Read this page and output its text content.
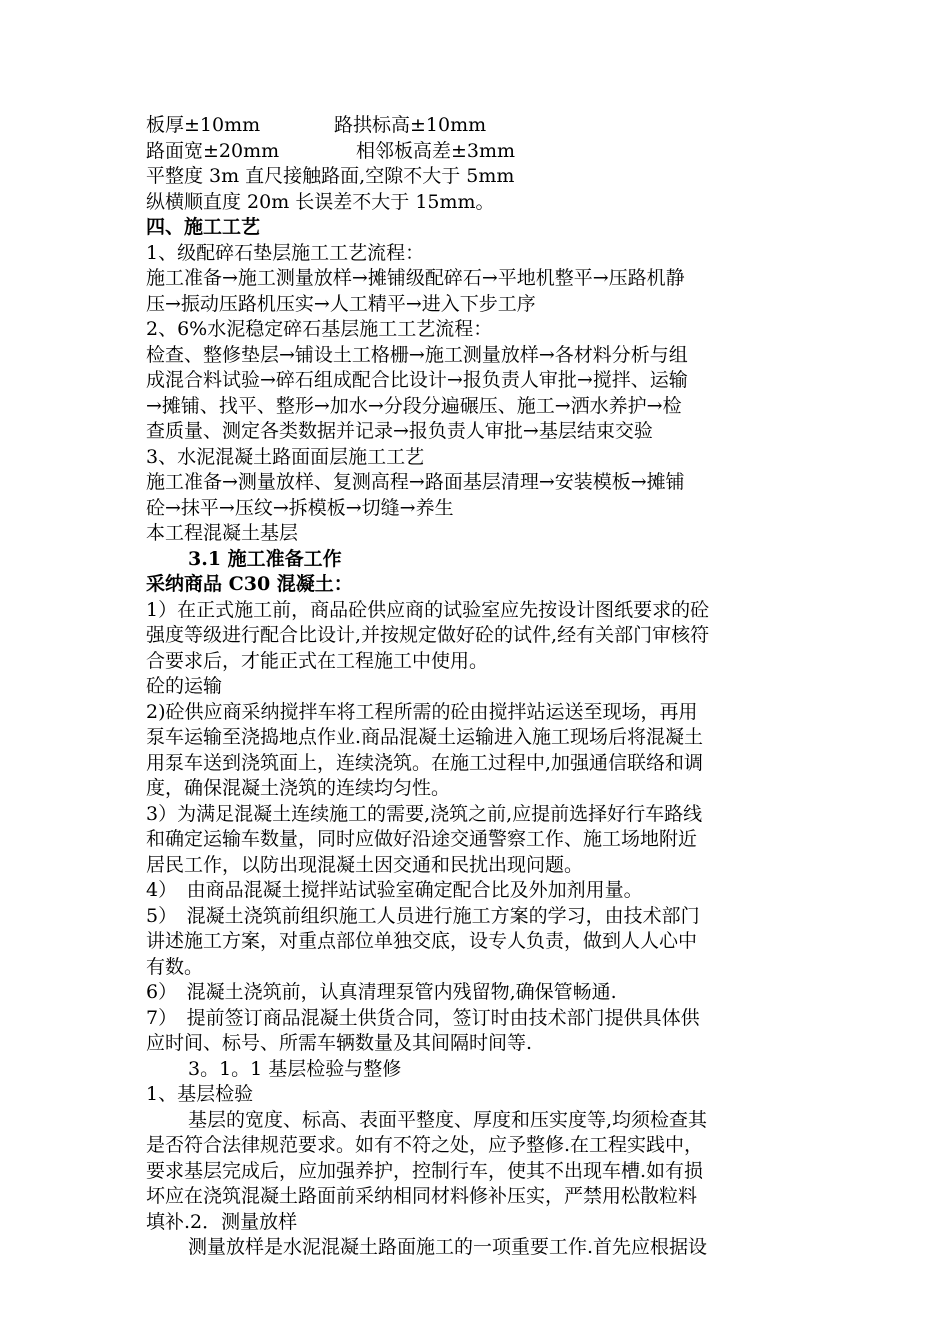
板厚±10mm	路拱标高±10mm
路面宽±20mm	相邻板高差±3mm
平整度 3m 直尺接触路面,空隙不大于 5mm
纵横顺直度 20m 长误差不大于 15mm。
四、施工工艺
1、级配碎石垫层施工工艺流程：
施工准备→施工测量放样→摊铺级配碎石→平地机整平→压路机静
压→振动压路机压实→人工精平→进入下步工序
2、6%水泥稳定碎石基层施工工艺流程：
检查、整修垫层→铺设土工格栅→施工测量放样→各材料分析与组
成混合料试验→碎石组成配合比设计→报负责人审批→搅拌、运输
→摊铺、找平、整形→加水→分段分遍碾压、施工→洒水养护→检
查质量、测定各类数据并记录→报负责人审批→基层结束交验
3、水泥混凝土路面面层施工工艺
施工准备→测量放样、复测高程→路面基层清理→安装模板→摊铺
砼→抹平→压纹→拆模板→切缝→养生
本工程混凝土基层
3.1 施工准备工作
采纳商品 C30 混凝土：
1）在正式施工前，商品砼供应商的试验室应先按设计图纸要求的砼
强度等级进行配合比设计,并按规定做好砼的试件,经有关部门审核符
合要求后，才能正式在工程施工中使用。
砼的运输
2)砼供应商采纳搅拌车将工程所需的砼由搅拌站运送至现场，再用
泵车运输至浇捣地点作业.商品混凝土运输进入施工现场后将混凝土
用泵车送到浇筑面上，连续浇筑。在施工过程中,加强通信联络和调
度，确保混凝土浇筑的连续均匀性。
3）为满足混凝土连续施工的需要,浇筑之前,应提前选择好行车路线
和确定运输车数量，同时应做好沿途交通警察工作、施工场地附近
居民工作，以防出现混凝土因交通和民扰出现问题。
4）　由商品混凝土搅拌站试验室确定配合比及外加剂用量。
5）　混凝土浇筑前组织施工人员进行施工方案的学习，由技术部门
讲述施工方案，对重点部位单独交底，设专人负责，做到人人心中
有数。
6）　混凝土浇筑前，认真清理泵管内残留物,确保管畅通.
7）　提前签订商品混凝土供货合同，签订时由技术部门提供具体供
应时间、标号、所需车辆数量及其间隔时间等.
3。1。1 基层检验与整修
1、基层检验
基层的宽度、标高、表面平整度、厚度和压实度等,均须检查其
是否符合法律规范要求。如有不符之处，应予整修.在工程实践中，
要求基层完成后，应加强养护，控制行车，使其不出现车槽.如有损
坏应在浇筑混凝土路面前采纳相同材料修补压实，严禁用松散粒料
填补.2．测量放样
测量放样是水泥混凝土路面施工的一项重要工作.首先应根据设
